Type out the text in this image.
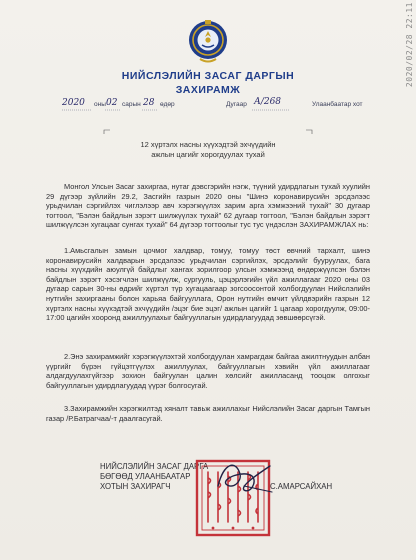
НИЙСЛЭЛИЙН ЗАСАГ ДАРГЫН
ЗАХИРАМЖ
2020 оны 02 сарын 28 өдөр	Дугаар А/268	Улаанбаатар хот
12 хүртэлх насны хүүхэдтэй эхчүүдийн
ажлын цагийг хорогдуулах тухай
Монгол Улсын Засаг захиргаа, нутаг дэвсгэрийн нэгж, түүний удирдлагын тухай хуулийн 29 дүгээр зүйлийн 29.2, Засгийн газрын 2020 оны "Шинэ коронавирусийн эрсдэлээс урьдчилан сэргийлэх чиглэлээр авч хэрэгжүүлэх зарим арга хэмжээний тухай" 30 дугаар тогтоол, "Бэлэн байдлын зэрэгт шилжүүлэх тухай" 62 дугаар тогтоол, "Бэлэн байдлын зэрэгт шилжүүлсэн хугацааг сунгах тухай" 64 дүгээр тогтоолыг тус тус үндэслэн ЗАХИРАМЖЛАХ нь:
1.Амьсгалын замын цочмог халдвар, томуу, томуу төст өвчний тархалт, шинэ коронавирусийн халдварын эрсдэлээс урьдчилан сэргийлэх, эрсдэлийг бууруулах, бага насны хүүхдийн аюулгүй байдлыг хангах зорилгоор улсын хэмжээнд өндөржүүлсэн бэлэн байдлын зэрэгт хэсэгчлэн шилжүүлж, сургууль, цэцэрлэгийн үйл ажиллагааг 2020 оны 03 дугаар сарын 30-ны өдрийг хүртэл түр хугацаагаар зогсоосонтой холбогдуулан Нийслэлийн нутгийн захиргааны болон харьяа байгууллага, Орон нутгийн өмчит үйлдвэрийн газрын 12 хүртэлх насны хүүхэдтэй эхчүүдийн /эцэг бие эцэг/ ажлын цагийг 1 цагаар хорогдуулж, 09:00-17:00 цагийн хооронд ажиллуулахыг байгууллагын удирдлагуудад зөвшөөрсүгэй.
2.Энэ захирамжийг хэрэгжүүлэхтэй холбогдуулан хамрагдаж байгаа ажилтнуудын албан үүргийг бүрэн гүйцэтгүүлэх ажиллуулах, байгууллагын хэвийн үйл ажиллагааг алдагдуулахгүйгээр зохион байгуулан цалин хөлсийг ажилласанд тооцож олгохыг байгууллагын удирдлагуудад үүрэг болгосугай.
3.Захирамжийн хэрэгжилтэд хяналт тавьж ажиллахыг Нийслэлийн Засаг даргын Тамгын газар /Р.Батрагчаа/-т даалгасугай.
НИЙСЛЭЛИЙН ЗАСАГ ДАРГА
БӨГӨӨД УЛААНБААТАР
ХОТЫН ЗАХИРАГЧ	С.АМАРСАЙХАН
2020/02/28 22:11
